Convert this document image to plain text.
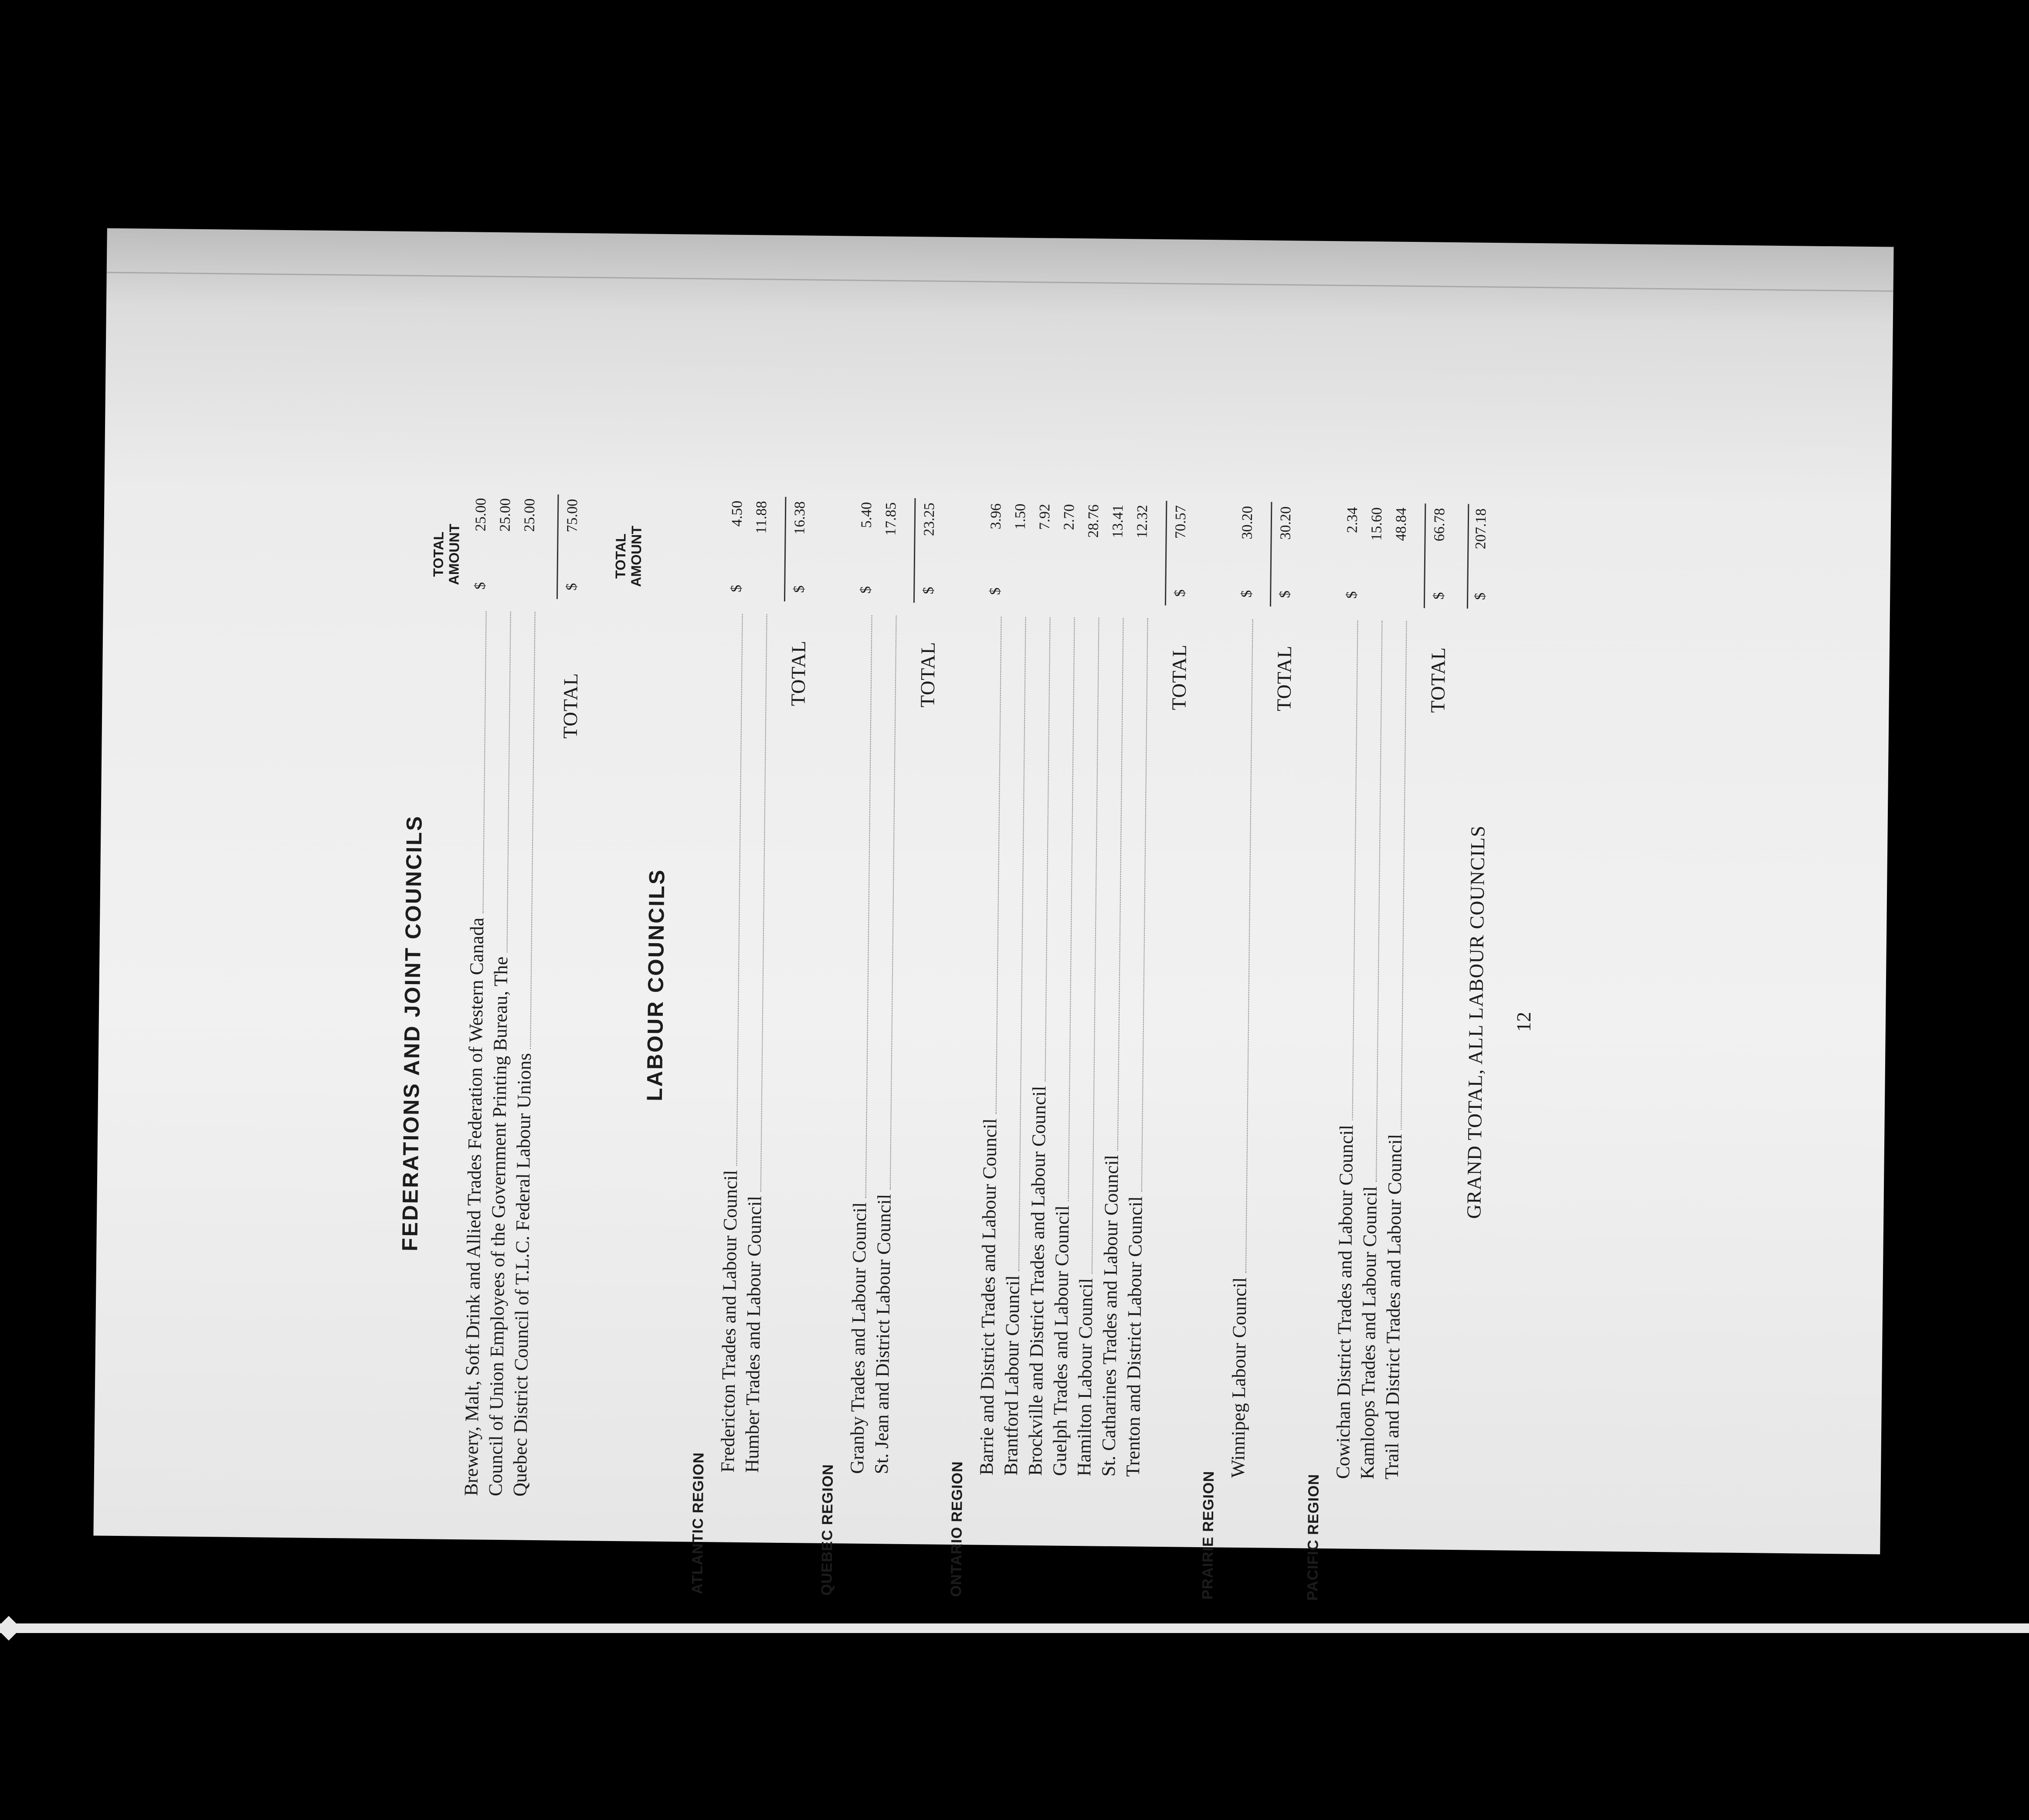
FEDERATIONS AND JOINT COUNCILS
TOTAL AMOUNT
Brewery, Malt, Soft Drink and Allied Trades Federation of Western Canada
$
25.00
Council of Union Employees of the Government Printing Bureau, The
25.00
Quebec District Council of T.L.C. Federal Labour Unions
25.00
TOTAL
$
75.00
LABOUR COUNCILS
TOTAL AMOUNT
ATLANTIC REGION
Fredericton Trades and Labour Council
$
4.50
Humber Trades and Labour Council
11.88
TOTAL
$
16.38
QUEBEC REGION
Granby Trades and Labour Council
$
5.40
St. Jean and District Labour Council
17.85
TOTAL
$
23.25
ONTARIO REGION
Barrie and District Trades and Labour Council
$
3.96
Brantford Labour Council
1.50
Brockville and District Trades and Labour Council
7.92
Guelph Trades and Labour Council
2.70
Hamilton Labour Council
28.76
St. Catharines Trades and Labour Council
13.41
Trenton and District Labour Council
12.32
TOTAL
$
70.57
PRAIRIE REGION
Winnipeg Labour Council
$
30.20
TOTAL
$
30.20
PACIFIC REGION
Cowichan District Trades and Labour Council
$
2.34
Kamloops Trades and Labour Council
15.60
Trail and District Trades and Labour Council
48.84
TOTAL
$
66.78
GRAND TOTAL, ALL LABOUR COUNCILS
$
207.18
12
